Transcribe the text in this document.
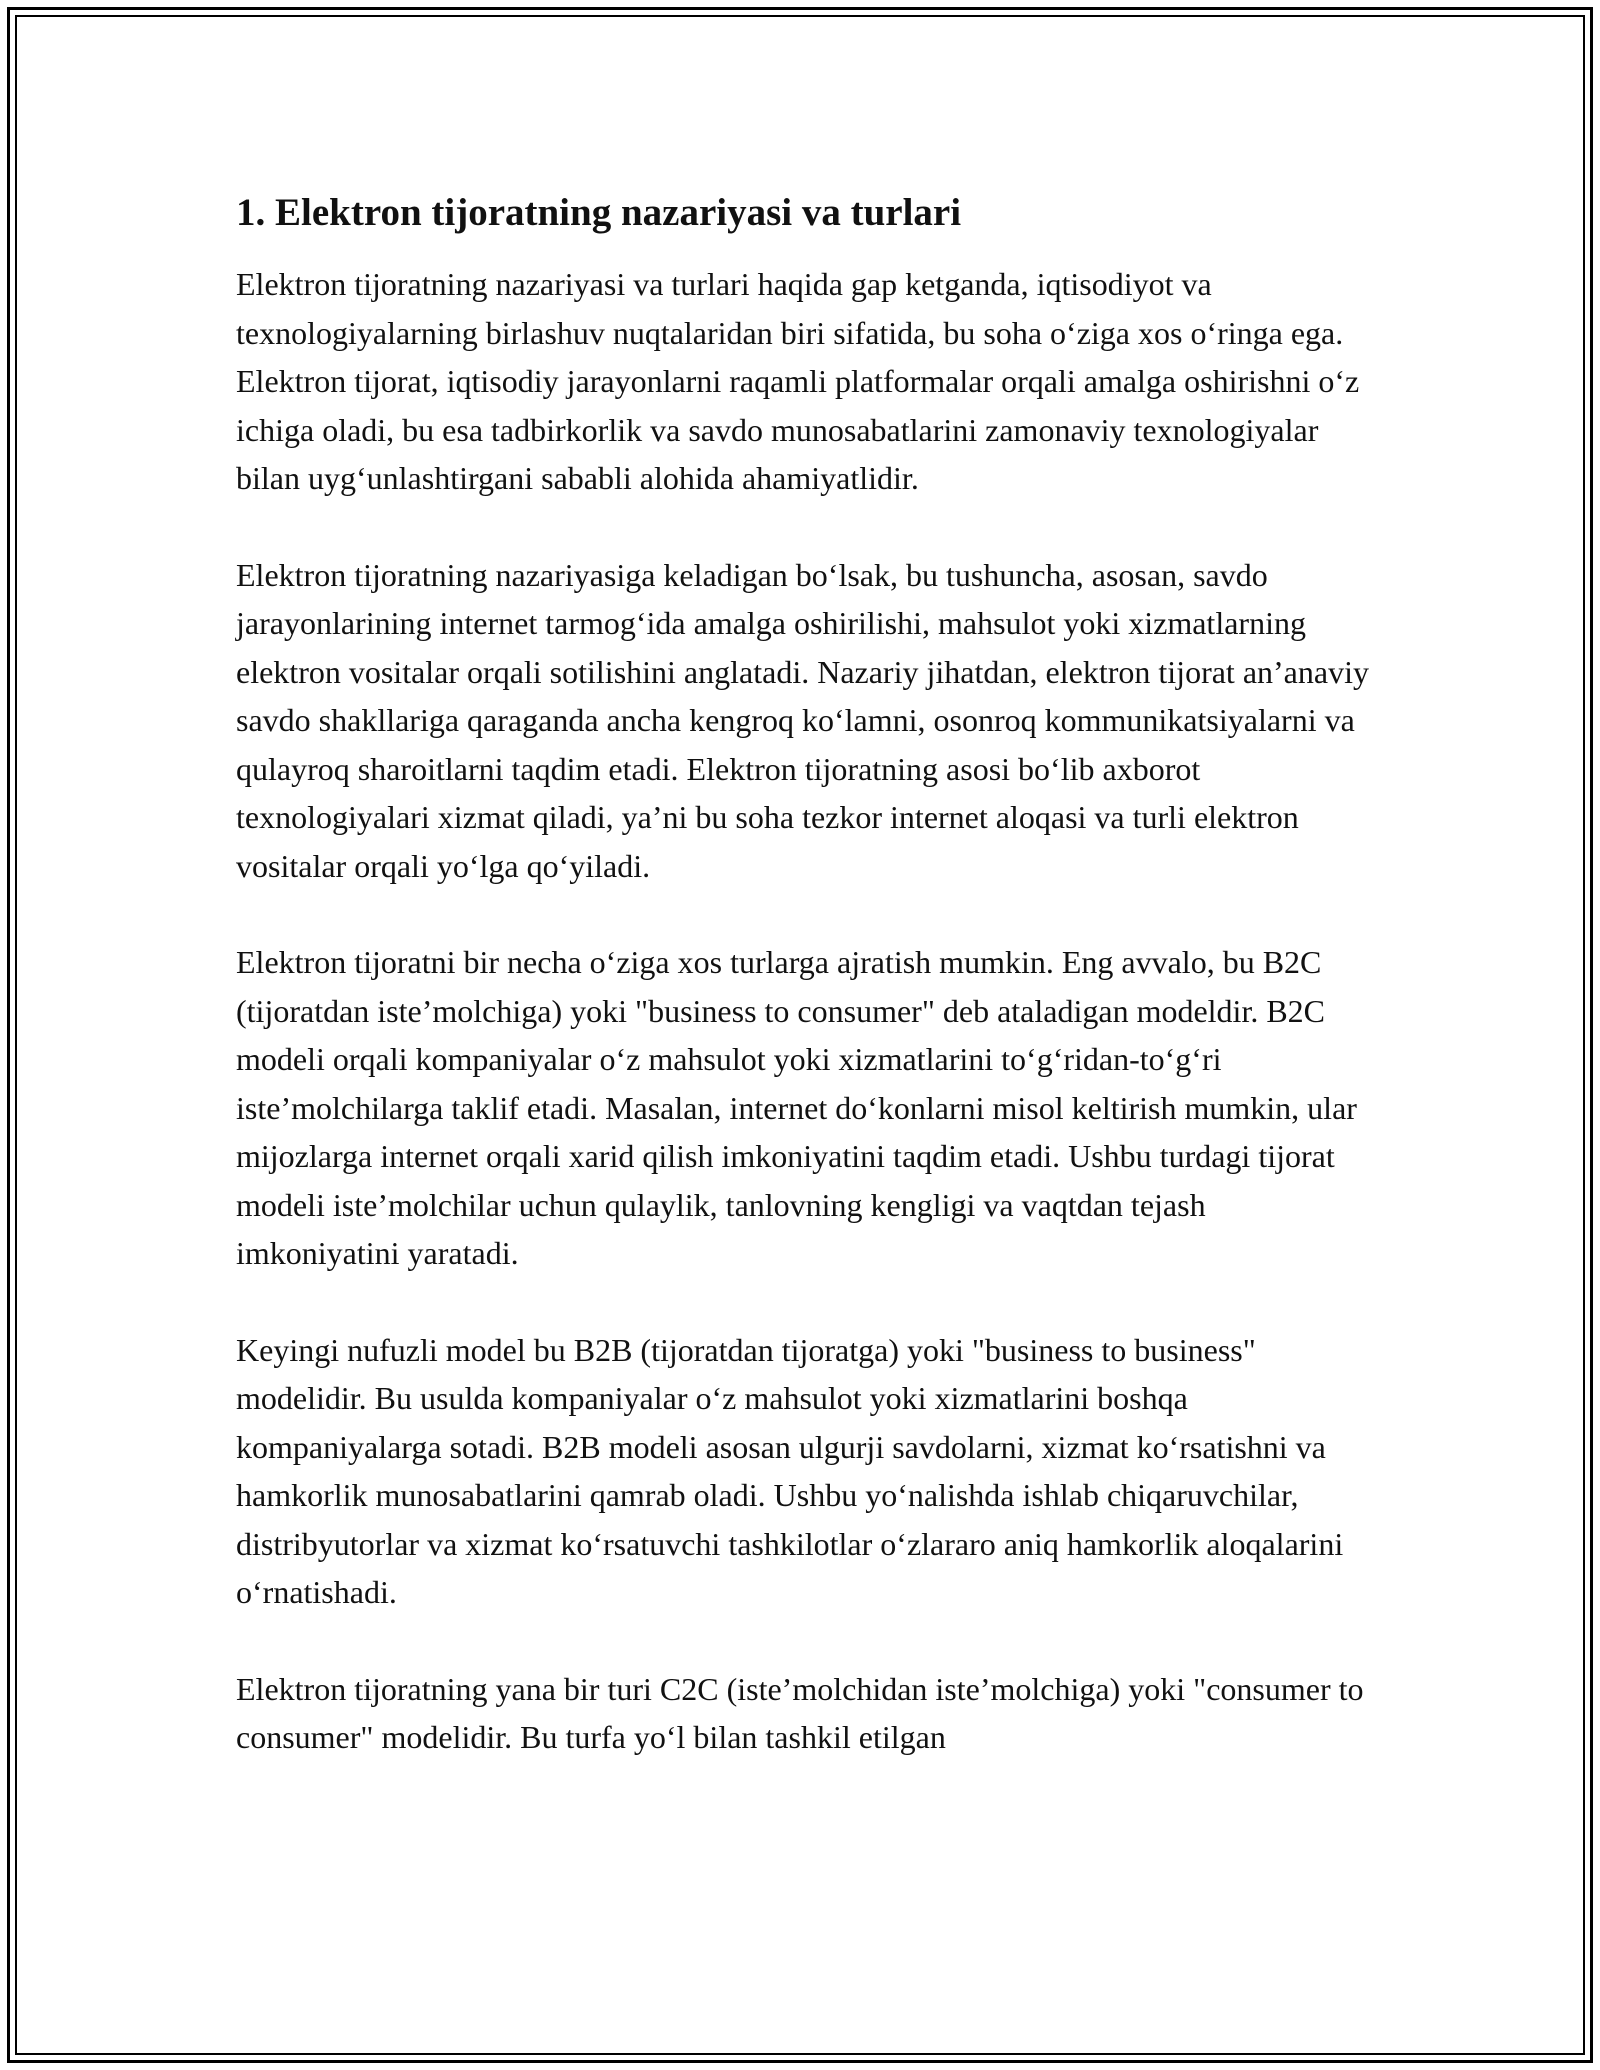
1. Elektron tijoratning nazariyasi va turlari

Elektron tijoratning nazariyasi va turlari haqida gap ketganda, iqtisodiyot va texnologiyalarning birlashuv nuqtalaridan biri sifatida, bu soha oʻziga xos oʻringa ega. Elektron tijorat, iqtisodiy jarayonlarni raqamli platformalar orqali amalga oshirishni oʻz ichiga oladi, bu esa tadbirkorlik va savdo munosabatlarini zamonaviy texnologiyalar bilan uygʻunlashtirgani sababli alohida ahamiyatlidir.

Elektron tijoratning nazariyasiga keladigan boʻlsak, bu tushuncha, asosan, savdo jarayonlarining internet tarmogʻida amalga oshirilishi, mahsulot yoki xizmatlarning elektron vositalar orqali sotilishini anglatadi. Nazariy jihatdan, elektron tijorat an’anaviy savdo shakllariga qaraganda ancha kengroq koʻlamni, osonroq kommunikatsiyalarni va qulayroq sharoitlarni taqdim etadi. Elektron tijoratning asosi boʻlib axborot texnologiyalari xizmat qiladi, ya’ni bu soha tezkor internet aloqasi va turli elektron vositalar orqali yoʻlga qoʻyiladi.

Elektron tijoratni bir necha oʻziga xos turlarga ajratish mumkin. Eng avvalo, bu B2C (tijoratdan iste’molchiga) yoki "business to consumer" deb ataladigan modeldir. B2C modeli orqali kompaniyalar oʻz mahsulot yoki xizmatlarini toʻgʻridan-toʻgʻri iste’molchilarga taklif etadi. Masalan, internet doʻkonlarni misol keltirish mumkin, ular mijozlarga internet orqali xarid qilish imkoniyatini taqdim etadi. Ushbu turdagi tijorat modeli iste’molchilar uchun qulaylik, tanlovning kengligi va vaqtdan tejash imkoniyatini yaratadi.

Keyingi nufuzli model bu B2B (tijoratdan tijoratga) yoki "business to business" modelidir. Bu usulda kompaniyalar oʻz mahsulot yoki xizmatlarini boshqa kompaniyalarga sotadi. B2B modeli asosan ulgurji savdolarni, xizmat koʻrsatishni va hamkorlik munosabatlarini qamrab oladi. Ushbu yoʻnalishda ishlab chiqaruvchilar, distribyutorlar va xizmat koʻrsatuvchi tashkilotlar oʻzlararo aniq hamkorlik aloqalarini oʻrnatishadi.

Elektron tijoratning yana bir turi C2C (iste’molchidan iste’molchiga) yoki "consumer to consumer" modelidir. Bu turfa yoʻl bilan tashkil etilgan
